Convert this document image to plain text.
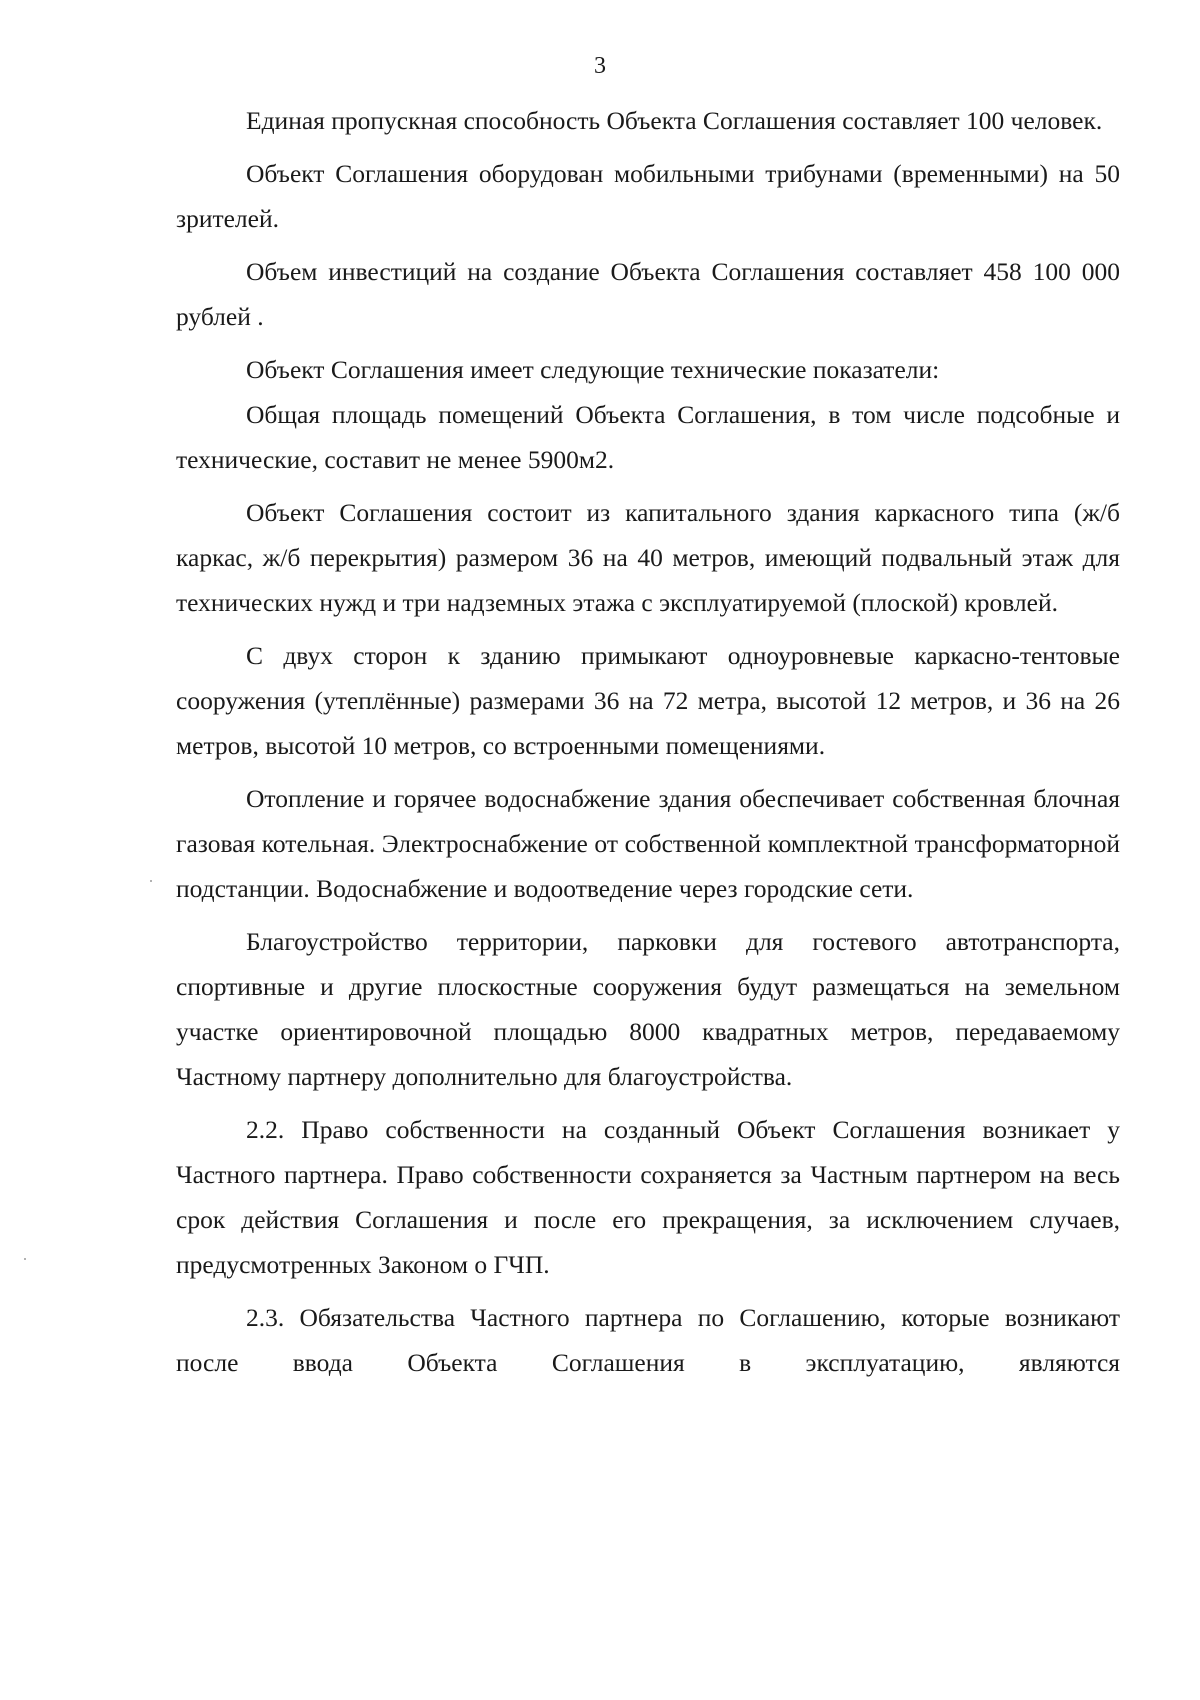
3

Единая пропускная способность Объекта Соглашения составляет 100 человек.

Объект Соглашения оборудован мобильными трибунами (временными) на 50 зрителей.

Объем инвестиций на создание Объекта Соглашения составляет 458 100 000 рублей .

Объект Соглашения имеет следующие технические показатели:

Общая площадь помещений Объекта Соглашения, в том числе подсобные и технические, составит не менее 5900м2.

Объект Соглашения состоит из капитального здания каркасного типа (ж/б каркас, ж/б перекрытия) размером 36 на 40 метров, имеющий подвальный этаж для технических нужд и три надземных этажа с эксплуатируемой (плоской) кровлей.

С двух сторон к зданию примыкают одноуровневые каркасно-тентовые сооружения (утеплённые) размерами 36 на 72 метра, высотой 12 метров, и 36 на 26 метров, высотой 10 метров, со встроенными помещениями.

Отопление и горячее водоснабжение здания обеспечивает собственная блочная газовая котельная. Электроснабжение от собственной комплектной трансформаторной подстанции. Водоснабжение и водоотведение через городские сети.

Благоустройство территории, парковки для гостевого автотранспорта, спортивные и другие плоскостные сооружения будут размещаться на земельном участке ориентировочной площадью 8000 квадратных метров, передаваемому Частному партнеру дополнительно для благоустройства.

2.2. Право собственности на созданный Объект Соглашения возникает у Частного партнера. Право собственности сохраняется за Частным партнером на весь срок действия Соглашения и после его прекращения, за исключением случаев, предусмотренных Законом о ГЧП.

2.3. Обязательства Частного партнера по Соглашению, которые возникают после ввода Объекта Соглашения в эксплуатацию, являются
